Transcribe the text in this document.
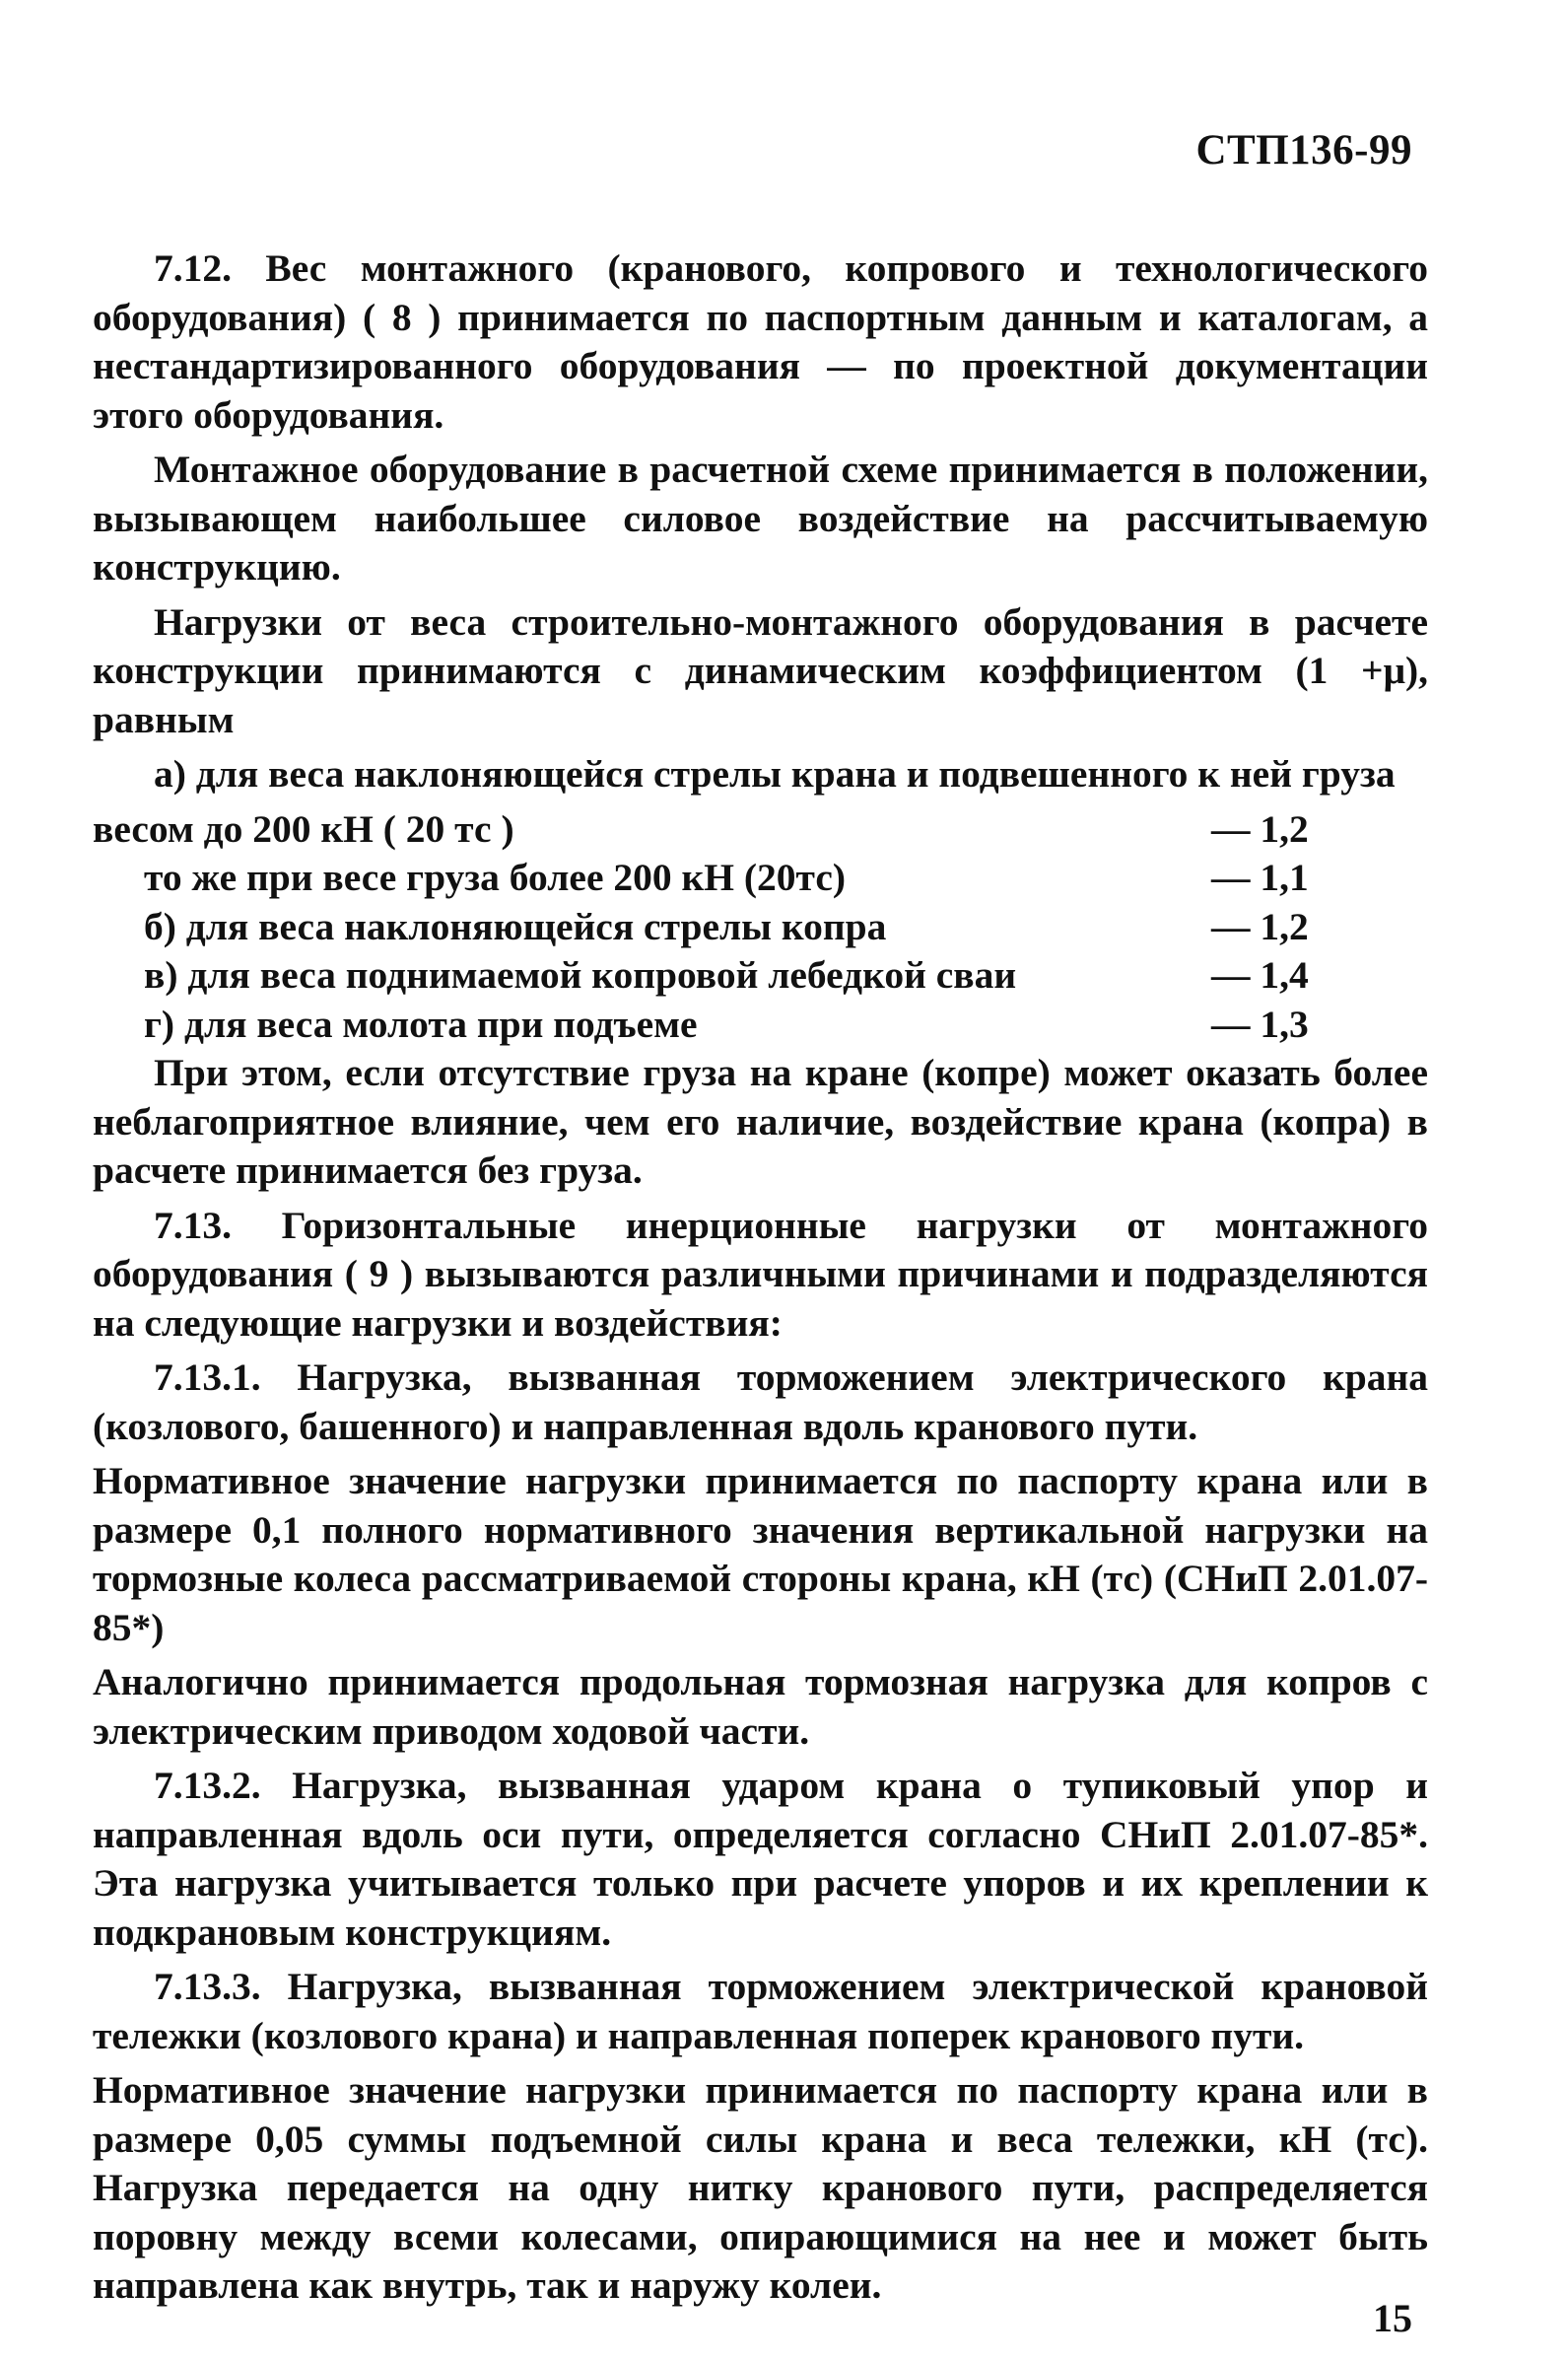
СТП136-99

7.12. Вес монтажного (кранового, копрового и технологического оборудования) ( 8 ) принимается по паспортным данным и каталогам, а нестандартизированного оборудования — по проектной документации этого оборудования.

Монтажное оборудование в расчетной схеме принимается в положении, вызывающем наибольшее силовое воздействие на рассчитываемую конструкцию.

Нагрузки от веса строительно-монтажного оборудования в расчете конструкции принимаются с динамическим коэффициентом (1 +μ), равным

а) для веса наклоняющейся стрелы крана и подвешенного к ней груза

весом до 200 кН ( 20 тс )	— 1,2
то же при весе груза более 200 кН (20тс)	— 1,1
б) для веса наклоняющейся стрелы копра	— 1,2
в) для веса поднимаемой копровой лебедкой сваи	— 1,4
г) для веса молота при подъеме	— 1,3

При этом, если отсутствие груза на кране (копре) может оказать более неблагоприятное влияние, чем его наличие, воздействие крана (копра) в расчете принимается без груза.

7.13. Горизонтальные инерционные нагрузки от монтажного оборудования ( 9 ) вызываются различными причинами и подразделяются на следующие нагрузки и воздействия:

7.13.1. Нагрузка, вызванная торможением электрического крана (козлового, башенного) и направленная вдоль кранового пути.

Нормативное значение нагрузки принимается по паспорту крана или в размере 0,1 полного нормативного значения вертикальной нагрузки на тормозные колеса рассматриваемой стороны крана, кН (тс) (СНиП 2.01.07-85*)

Аналогично принимается продольная тормозная нагрузка для копров с электрическим приводом ходовой части.

7.13.2. Нагрузка, вызванная ударом крана о тупиковый упор и направленная вдоль оси пути, определяется согласно СНиП 2.01.07-85*. Эта нагрузка учитывается только при расчете упоров и их креплении к подкрановым конструкциям.

7.13.3. Нагрузка, вызванная торможением электрической крановой тележки (козлового крана) и направленная поперек кранового пути.

Нормативное значение нагрузки принимается по паспорту крана или в размере 0,05 суммы подъемной силы крана и веса тележки, кН (тс). Нагрузка передается на одну нитку кранового пути, распределяется поровну между всеми колесами, опирающимися на нее и может быть направлена как внутрь, так и наружу колеи.

15
